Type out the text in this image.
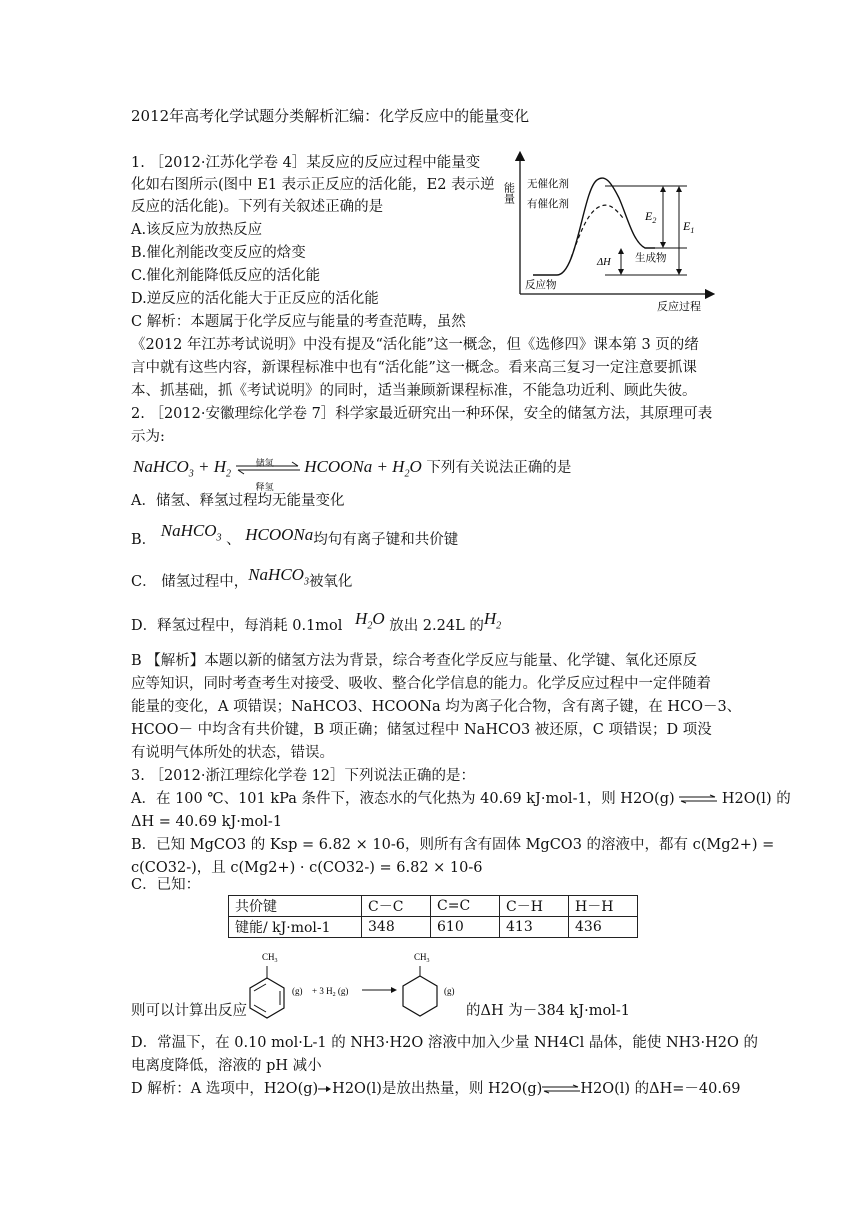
2012年高考化学试题分类解析汇编：化学反应中的能量变化
1. ［2012·江苏化学卷 4］某反应的反应过程中能量变
化如右图所示(图中 E1 表示正反应的活化能，E2 表示逆
反应的活化能)。下列有关叙述正确的是
A.该反应为放热反应
B.催化剂能改变反应的焓变
C.催化剂能降低反应的活化能
D.逆反应的活化能大于正反应的活化能
C 解析：本题属于化学反应与能量的考查范畴，虽然
《2012 年江苏考试说明》中没有提及“活化能”这一概念，但《选修四》课本第 3 页的绪
言中就有这些内容，新课程标准中也有“活化能”这一概念。看来高三复习一定注意要抓课
本、抓基础，抓《考试说明》的同时，适当兼顾新课程标准，不能急功近利、顾此失彼。
能量
反应过程
无催化剂
有催化剂
$E_2$ $E_1$
ΔH 生成物
反应物
2. ［2012·安徽理综化学卷 7］科学家最近研究出一种环保，安全的储氢方法，其原理可表
示为:
NaHCO$_3$ + $H_2$
储氢
释氢
HCOONa + $H_2O$ 下列有关说法正确的是
A．储氢、释氢过程均无能量变化
B． NaHCO$_3$ 、 HCOONa均句有离子键和共价键
C． 储氢过程中，NaHCO$_3$被氧化
D．释氢过程中，每消耗 0.1mol $H_2O$ 放出 2.24L 的$H_2$
B 【解析】本题以新的储氢方法为背景，综合考查化学反应与能量、化学键、氧化还原反
应等知识，同时考查考生对接受、吸收、整合化学信息的能力。化学反应过程中一定伴随着
能量的变化，A 项错误；NaHCO3、HCOONa 均为离子化合物，含有离子键，在 HCO－3、
HCOO－ 中均含有共价键，B 项正确；储氢过程中 NaHCO3 被还原，C 项错误；D 项没
有说明气体所处的状态，错误。
3. ［2012·浙江理综化学卷 12］下列说法正确的是：
A．在 100 ℃、101 kPa 条件下，液态水的气化热为 40.69 kJ·mol-1，则 H2O(g)	H2O(l) 的
ΔH = 40.69 kJ·mol-1
B．已知 MgCO3 的 Ksp = 6.82 × 10-6，则所有含有固体 MgCO3 的溶液中，都有 c(Mg2+) =
c(CO32-)，且 c(Mg2+) · c(CO32-) = 6.82 × 10-6
C．已知：
共价键	C－C	C=C	C－H	H－H
键能/ kJ·mol-1	348	610	413	436
$CH_3$
(g) + 3 $H_2$ (g)
$CH_3$
(g)
则可以计算出反应	的ΔH 为－384 kJ·mol-1
D．常温下，在 0.10 mol·L-1 的 NH3·H2O 溶液中加入少量 NH4Cl 晶体，能使 NH3·H2O 的
电离度降低，溶液的 pH 减小
D 解析：A 选项中，H2O(g) H2O(l)是放出热量，则 H2O(g)	H2O(l) 的ΔH=－40.69
